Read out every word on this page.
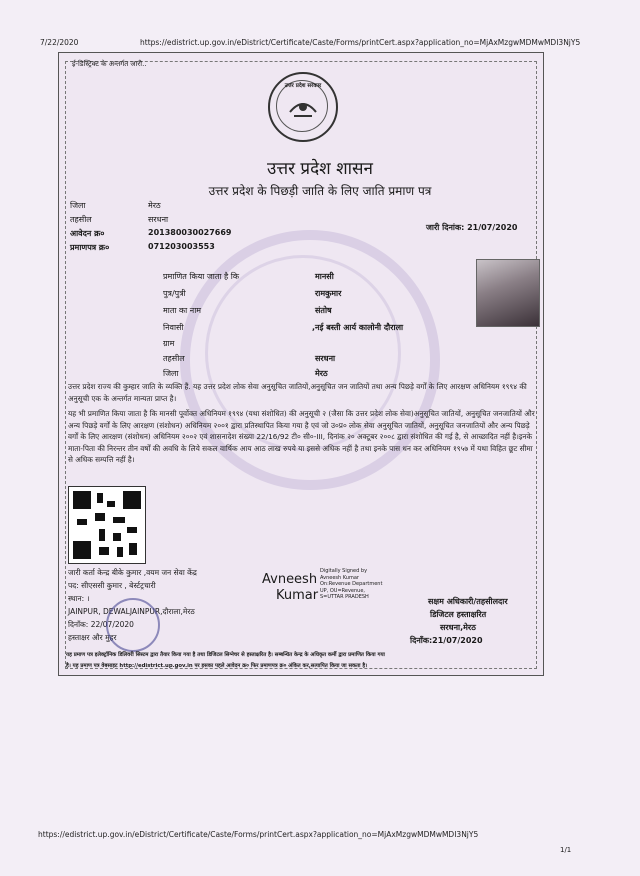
7/22/2020	https://edistrict.up.gov.in/eDistrict/Certificate/Caste/Forms/printCert.aspx?application_no=MjAxMzgwMDMwMDI3NjY5
ई-डिस्ट्रिक्ट के अन्तर्गत जारी..
उत्तर प्रदेश सरकार
उत्तर प्रदेश शासन
उत्तर प्रदेश के पिछड़ी जाति के लिए जाति प्रमाण पत्र
जिला	मेरठ
तहसील	सरधना
आवेदन क्र०	201380030027669
प्रमाणपत्र क्र०	071203003553
जारी दिनांक: 21/07/2020
प्रमाणित किया जाता है कि	मानसी
पुत्र/पुत्री	रामकुमार
माता का नाम	संतोष
निवासी	,नई बस्ती आर्य कालोनी दौराला
ग्राम
तहसील	सरधना
जिला	मेरठ
उत्तर प्रदेश राज्य की कुम्हार जाति के व्यक्ति हैं. यह उत्तर प्रदेश लोक सेवा अनुसूचित जातियों,अनुसूचित जन जातियों तथा अन्य पिछड़े वर्गों के लिए आरक्षण अधिनियम १९९४ की अनुसूची एक के अन्तर्गत मान्यता प्राप्त है।
यह भी प्रमाणित किया जाता है कि मानसी पूर्वोक्त अधिनियम १९९४ (यथा संशोधित) की अनुसूची २ (जैसा कि उत्तर प्रदेश लोक सेवा)अनुसूचित जातियों, अनुसूचित जनजातियों और अन्य पिछड़े वर्गों के लिए आरक्षण (संशोधन) अधिनियम २००१ द्वारा प्रतिस्थापित किया गया है एवं जो उ०प्र० लोक सेवा अनुसूचित जातियों, अनुसूचित जनजातियों और अन्य पिछड़े वर्गों के लिए आरक्षण (संशोधन) अधिनियम २००२ एवं शासनादेश संख्या 22/16/92 टी० सी०-III, दिनांक २० अक्टूबर २००८ द्वारा संशोधित की गई है, से आच्छादित नहीं है।इनके माता-पिता की निरन्तर तीन वर्षों की अवधि के लिये सकल वार्षिक आय आठ लाख रुपये या इससे अधिक नहीं है तथा इनके पास धन कर अधिनियम १९५७ में यथा विहित छूट सीमा से अधिक सम्पत्ति नहीं है।
जारी कर्ता केन्द्र बीके कुमार ,वयम जन सेवा केंद्र
पद: सीएससी कुमार , बेर्स्टट्रचारी
स्थान: ।
JAINPUR, DEWALJAINPUR,दौराला,मेरठ
दिनाँक: 22/07/2020
हस्ताक्षर और मुहर
Avneesh
Kumar
Digitally Signed by
Avneesh Kumar
On:Revenue Department
UP, OU=Revenue,
S=UTTAR PRADESH	सक्षम अधिकारी/तहसीलदार
डिजिटल हस्ताक्षरित
सरधना,मेरठ
दिनाँक:21/07/2020
यह प्रमाण पत्र इलेक्ट्रॉनिक डिलिवरी सिस्टम द्वारा तैयार किया गया है तथा डिजिटल सिग्नेचर से हस्ताक्षरित है। सम्बन्धित केन्द्र के अधिकृत कर्मी द्वारा प्रमाणित किया गया
है। यह प्रमाण पत्र वेबसाइट http://edistrict.up.gov.in पर इसका पहले आवेदन क्र० फिर प्रमाणपत्र क्र० अंकित कर,सत्यापित किया जा सकता है।
https://edistrict.up.gov.in/eDistrict/Certificate/Caste/Forms/printCert.aspx?application_no=MjAxMzgwMDMwMDI3NjY5
1/1
